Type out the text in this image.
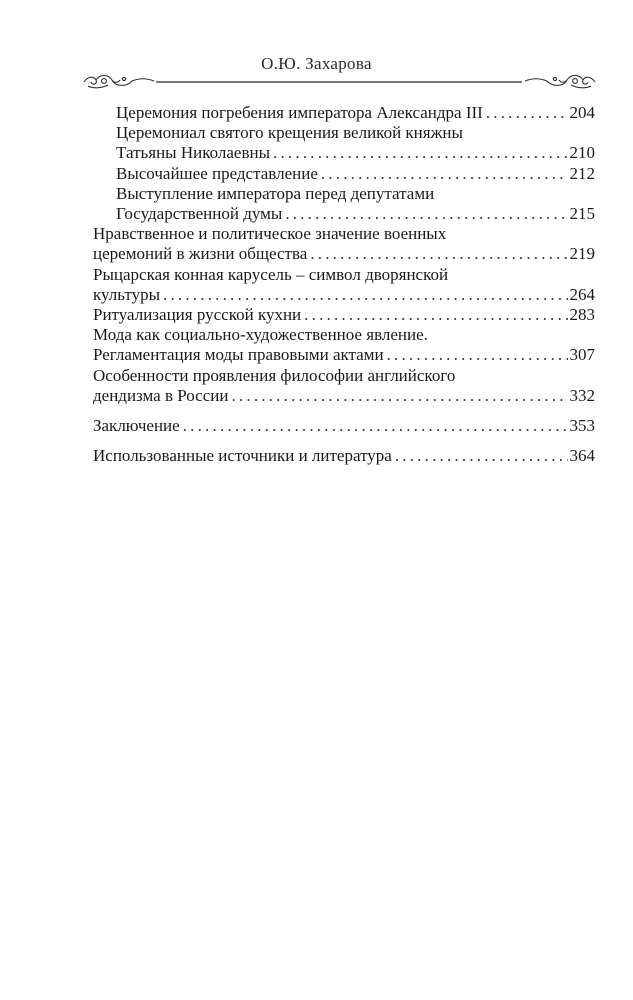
О.Ю. Захарова
Церемония погребения императора Александра III .....	204
Церемониал святого крещения великой княжны
Татьяны Николаевны .....	210
Высочайшее представление .....	212
Выступление императора перед депутатами
Государственной думы .....	215
Нравственное и политическое значение военных
церемоний в жизни общества .....	219
Рыцарская конная карусель – символ дворянской
культуры .....	264
Ритуализация русской кухни .....	283
Мода как социально-художественное явление.
Регламентация моды правовыми актами .....	307
Особенности проявления философии английского
дендизма в России .....	332
Заключение .....	353
Использованные источники и литература .....	364
